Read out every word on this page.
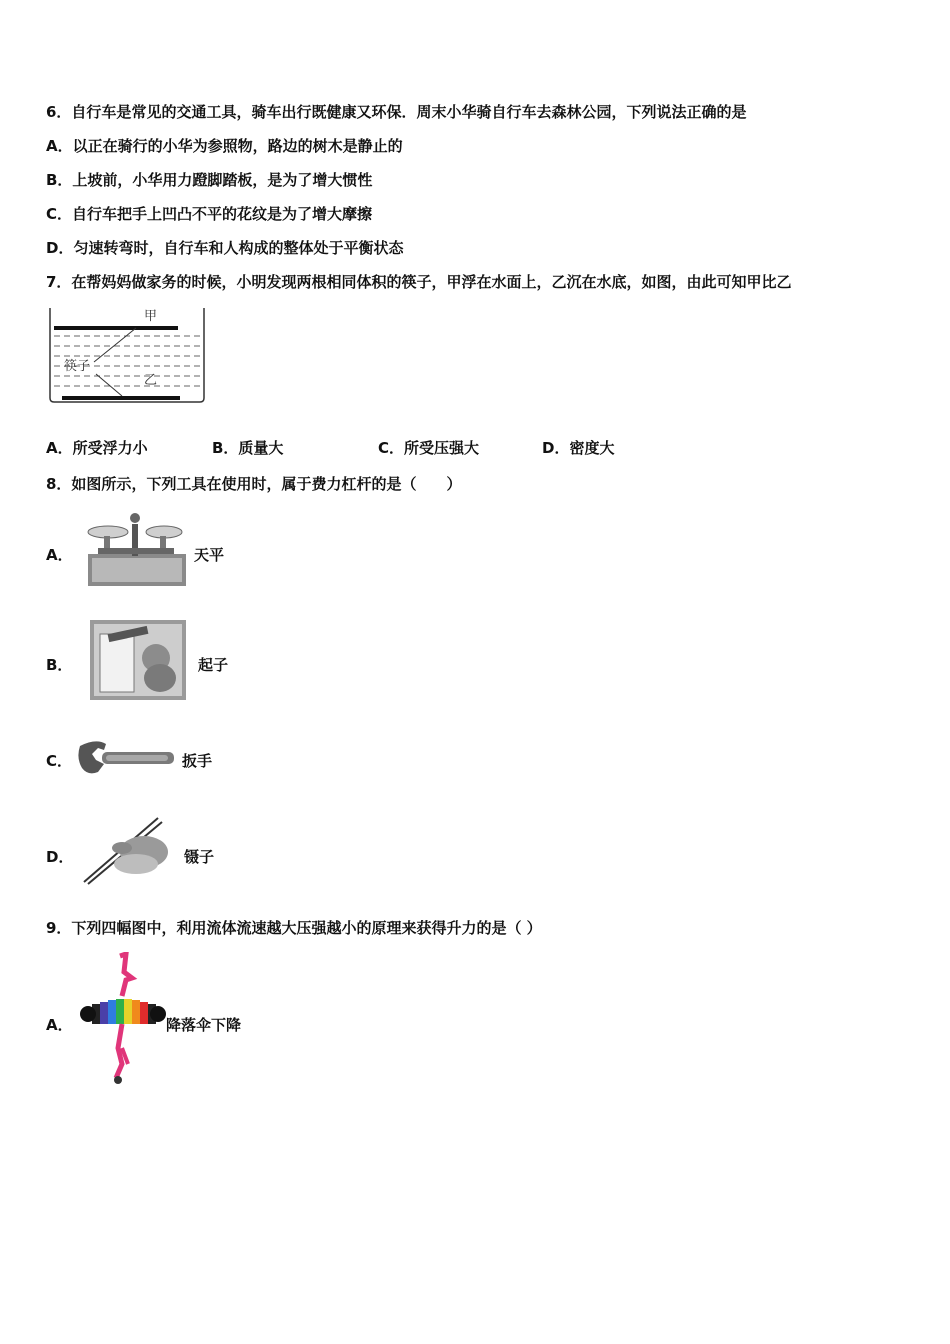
6．自行车是常见的交通工具，骑车出行既健康又环保．周末小华骑自行车去森林公园，下列说法正确的是
A．以正在骑行的小华为参照物，路边的树木是静止的
B．上坡前，小华用力蹬脚踏板，是为了增大惯性
C．自行车把手上凹凸不平的花纹是为了增大摩擦
D．匀速转弯时，自行车和人构成的整体处于平衡状态
7．在帮妈妈做家务的时候，小明发现两根相同体积的筷子，甲浮在水面上，乙沉在水底，如图，由此可知甲比乙
甲
筷子
乙
A．所受浮力小	B．质量大	C．所受压强大	D．密度大
8．如图所示，下列工具在使用时，属于费力杠杆的是（　　）
A．	天平
B．	起子
C．	扳手
D．	镊子
9．下列四幅图中，利用流体流速越大压强越小的原理来获得升力的是（ ）
A．	降落伞下降
